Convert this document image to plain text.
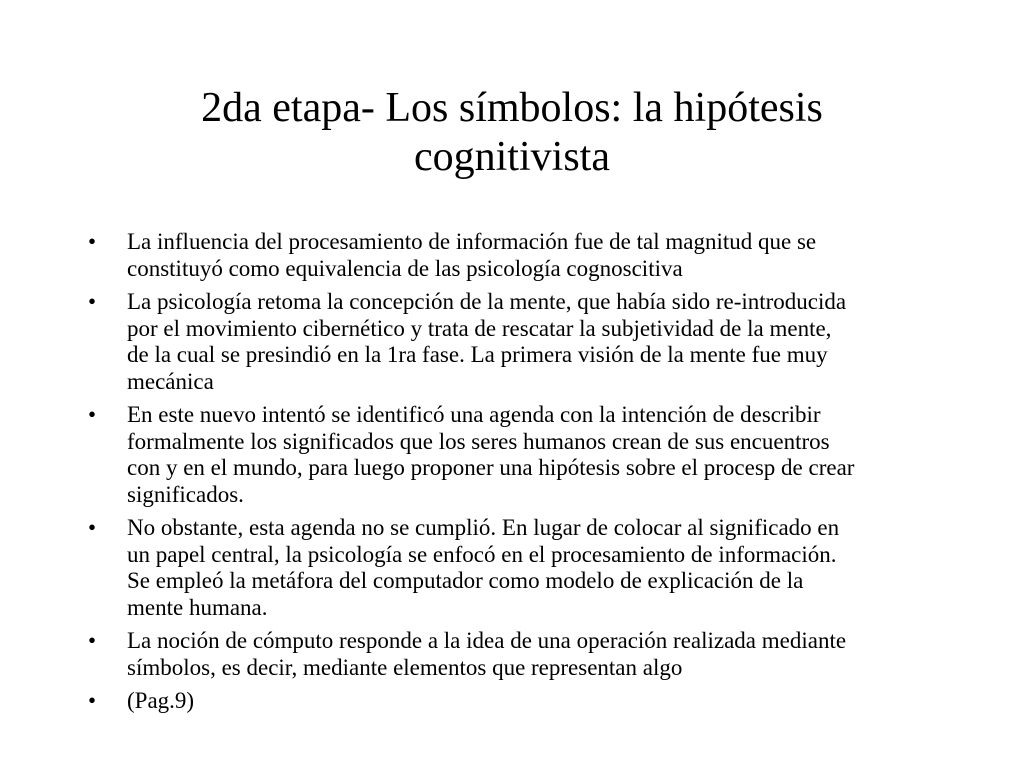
2da etapa- Los símbolos: la hipótesis
cognitivista
• La influencia del procesamiento de información fue de tal magnitud que se
constituyó como equivalencia de las psicología cognoscitiva
• La psicología retoma la concepción de la mente, que había sido re-introducida
por el movimiento cibernético y trata de rescatar la subjetividad de la mente,
de la cual se presindió en la 1ra fase. La primera visión de la mente fue muy
mecánica
• En este nuevo intentó se identificó una agenda con la intención de describir
formalmente los significados que los seres humanos crean de sus encuentros
con y en el mundo, para luego proponer una hipótesis sobre el procesp de crear
significados.
• No obstante, esta agenda no se cumplió. En lugar de colocar al significado en
un papel central, la psicología se enfocó en el procesamiento de información.
Se empleó la metáfora del computador como modelo de explicación de la
mente humana.
• La noción de cómputo responde a la idea de una operación realizada mediante
símbolos, es decir, mediante elementos que representan algo
• (Pag.9)
